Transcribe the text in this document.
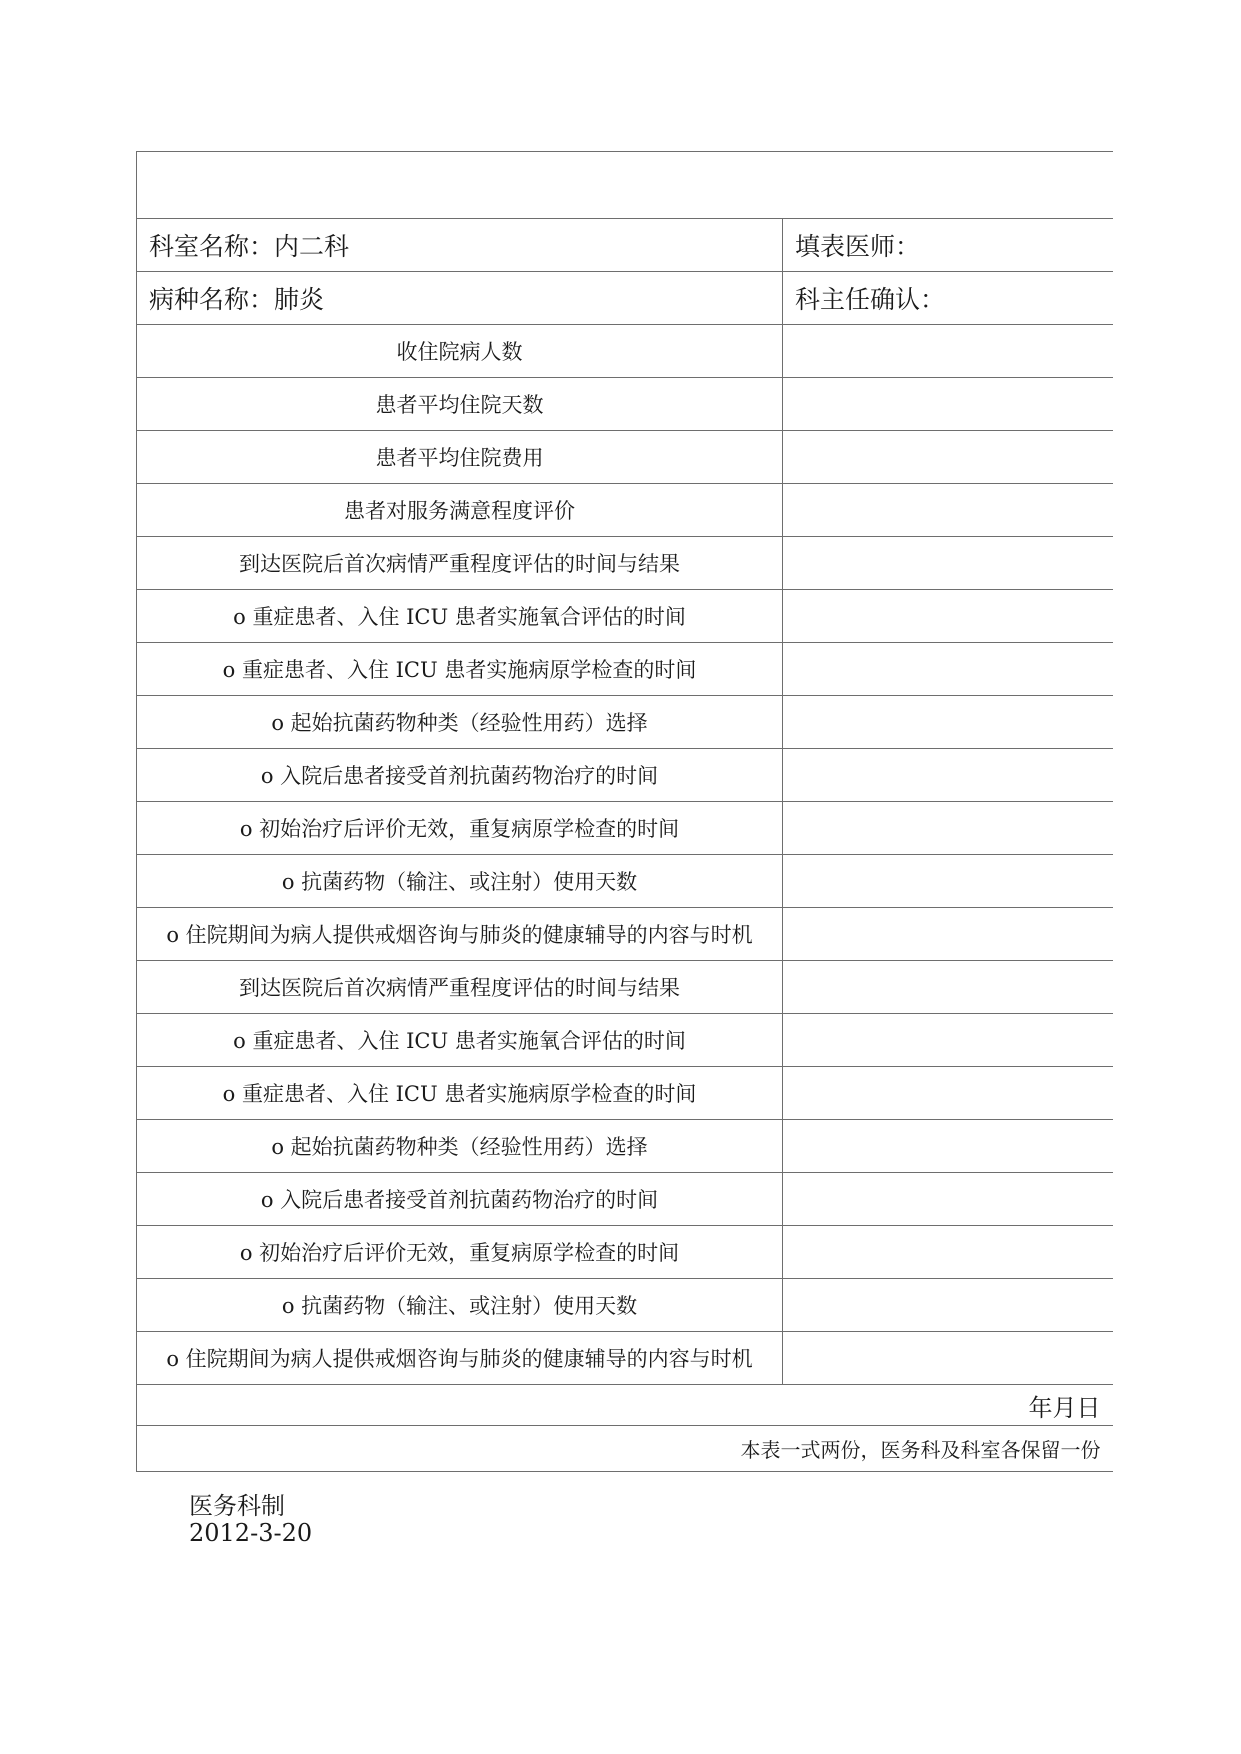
科室名称：内二科	填表医师：
病种名称：肺炎	科主任确认：
收住院病人数	
患者平均住院天数	
患者平均住院费用	
患者对服务满意程度评价	
到达医院后首次病情严重程度评估的时间与结果	
o 重症患者、入住 ICU 患者实施氧合评估的时间	
o 重症患者、入住 ICU 患者实施病原学检查的时间	
o 起始抗菌药物种类（经验性用药）选择	
o 入院后患者接受首剂抗菌药物治疗的时间	
o 初始治疗后评价无效，重复病原学检查的时间	
o 抗菌药物（输注、或注射）使用天数	
o 住院期间为病人提供戒烟咨询与肺炎的健康辅导的内容与时机	
到达医院后首次病情严重程度评估的时间与结果	
o 重症患者、入住 ICU 患者实施氧合评估的时间	
o 重症患者、入住 ICU 患者实施病原学检查的时间	
o 起始抗菌药物种类（经验性用药）选择	
o 入院后患者接受首剂抗菌药物治疗的时间	
o 初始治疗后评价无效，重复病原学检查的时间	
o 抗菌药物（输注、或注射）使用天数	
o 住院期间为病人提供戒烟咨询与肺炎的健康辅导的内容与时机	
年月日	
本表一式两份，医务科及科室各保留一份	
医务科制
2012-3-20
